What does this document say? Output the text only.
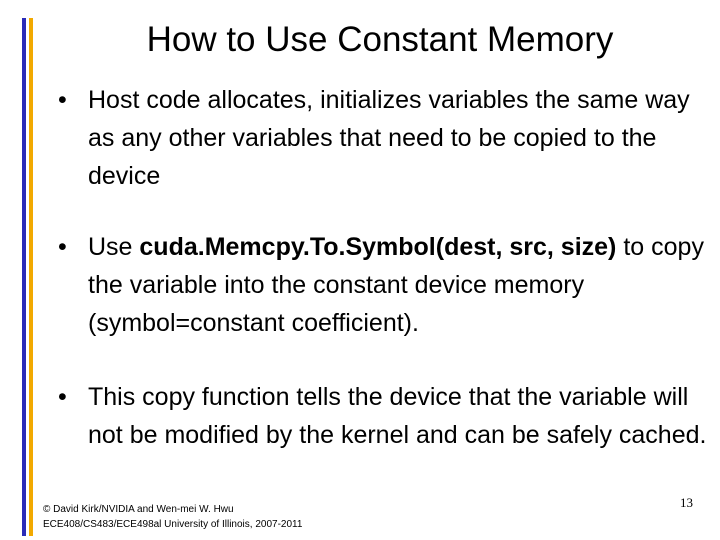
How to Use Constant Memory
• Host code allocates, initializes variables the same way as any other variables that need to be copied to the device
• Use cuda.Memcpy.To.Symbol(dest, src, size) to copy the variable into the constant device memory (symbol=constant coefficient).
• This copy function tells the device that the variable will not be modified by the kernel and can be safely cached.
© David Kirk/NVIDIA and Wen-mei W. Hwu
ECE408/CS483/ECE498al University of Illinois, 2007-2011
13
